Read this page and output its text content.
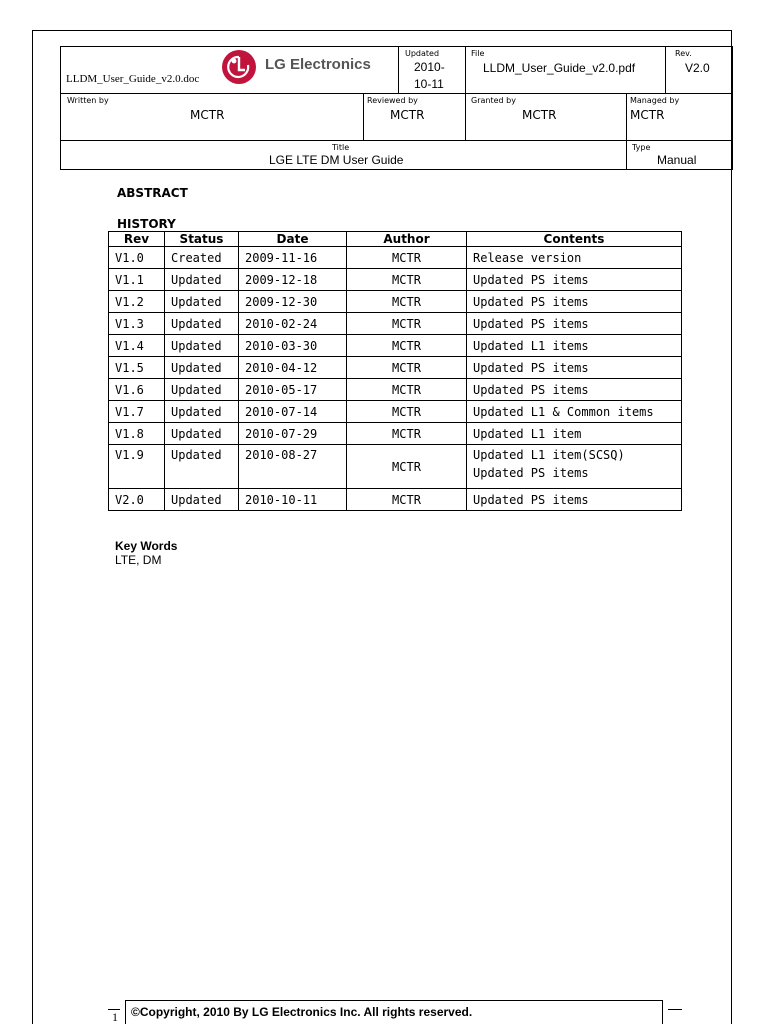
LLDM_User_Guide_v2.0.doc
LG Electronics
Updated
2010-
10-11
File
LLDM_User_Guide_v2.0.pdf
Rev.
V2.0
Written by
MCTR
Reviewed by
MCTR
Granted by
MCTR
Managed by
MCTR
Title
LGE LTE DM User Guide
Type
Manual
ABSTRACT
HISTORY
Rev	Status	Date	Author	Contents
V1.0	Created	2009-11-16	MCTR	Release version
V1.1	Updated	2009-12-18	MCTR	Updated PS items
V1.2	Updated	2009-12-30	MCTR	Updated PS items
V1.3	Updated	2010-02-24	MCTR	Updated PS items
V1.4	Updated	2010-03-30	MCTR	Updated L1 items
V1.5	Updated	2010-04-12	MCTR	Updated PS items
V1.6	Updated	2010-05-17	MCTR	Updated PS items
V1.7	Updated	2010-07-14	MCTR	Updated L1 & Common items
V1.8	Updated	2010-07-29	MCTR	Updated L1 item
V1.9	Updated	2010-08-27	MCTR	Updated L1 item(SCSQ)
Updated PS items

V2.0	Updated	2010-10-11	MCTR	Updated PS items
Key Words
LTE, DM
1 ©Copyright, 2010 By LG Electronics Inc. All rights reserved.
